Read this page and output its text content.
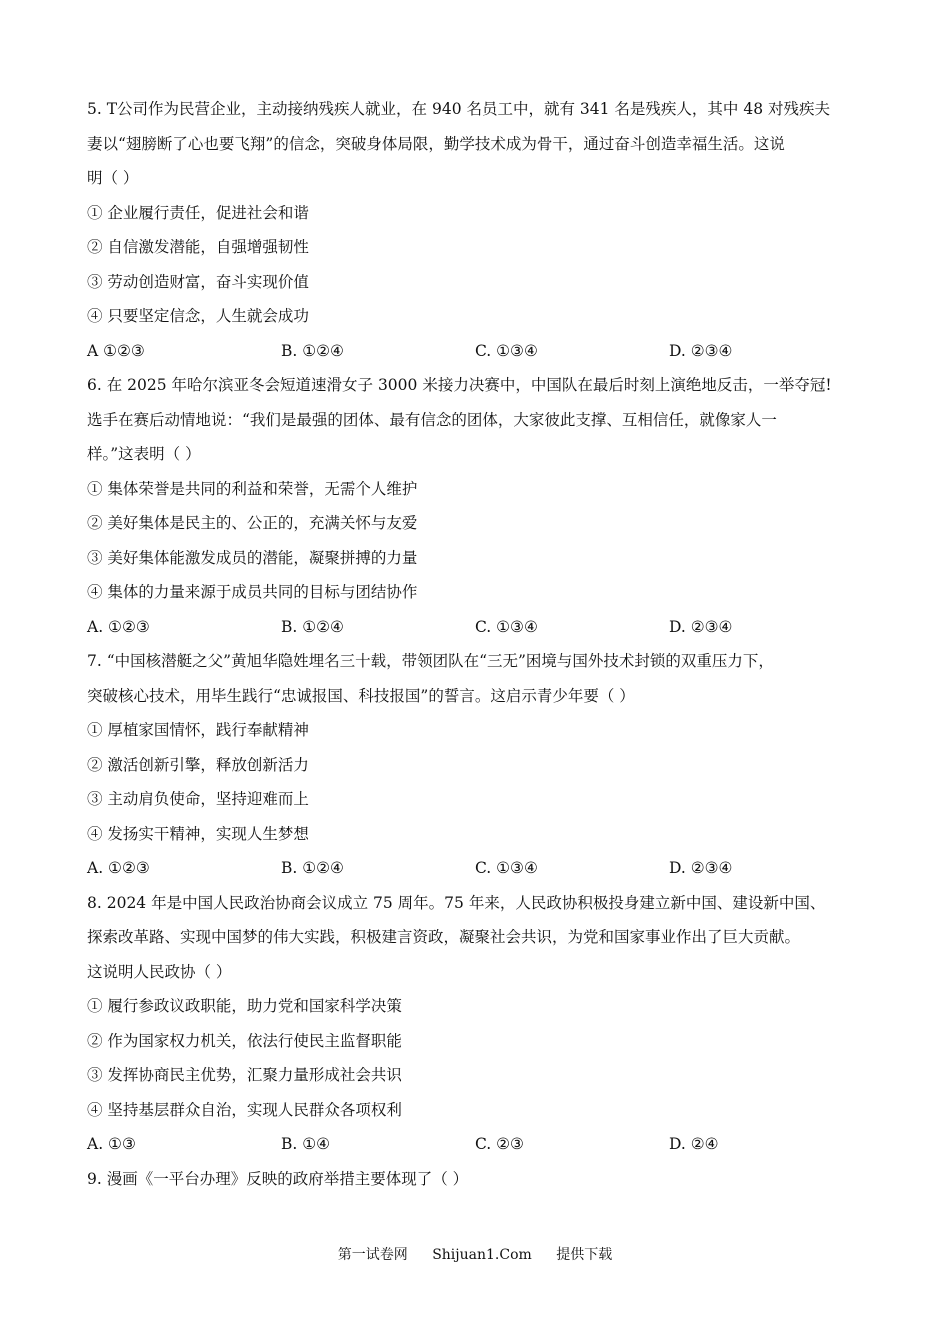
5. T公司作为民营企业，主动接纳残疾人就业，在 940 名员工中，就有 341 名是残疾人，其中 48 对残疾夫
妻以“翅膀断了心也要飞翔”的信念，突破身体局限，勤学技术成为骨干，通过奋斗创造幸福生活。这说
明（ ）
① 企业履行责任，促进社会和谐
② 自信激发潜能，自强增强韧性
③ 劳动创造财富，奋斗实现价值
④ 只要坚定信念，人生就会成功
A ①②③	B. ①②④	C. ①③④	D. ②③④
6. 在 2025 年哈尔滨亚冬会短道速滑女子 3000 米接力决赛中，中国队在最后时刻上演绝地反击，一举夺冠!
选手在赛后动情地说：“我们是最强的团体、最有信念的团体，大家彼此支撑、互相信任，就像家人一
样。”这表明（ ）
① 集体荣誉是共同的利益和荣誉，无需个人维护
② 美好集体是民主的、公正的，充满关怀与友爱
③ 美好集体能激发成员的潜能，凝聚拼搏的力量
④ 集体的力量来源于成员共同的目标与团结协作
A. ①②③	B. ①②④	C. ①③④	D. ②③④
7. “中国核潜艇之父”黄旭华隐姓埋名三十载，带领团队在“三无”困境与国外技术封锁的双重压力下，
突破核心技术，用毕生践行“忠诚报国、科技报国”的誓言。这启示青少年要（ ）
① 厚植家国情怀，践行奉献精神
② 激活创新引擎，释放创新活力
③ 主动肩负使命，坚持迎难而上
④ 发扬实干精神，实现人生梦想
A. ①②③	B. ①②④	C. ①③④	D. ②③④
8. 2024 年是中国人民政治协商会议成立 75 周年。75 年来，人民政协积极投身建立新中国、建设新中国、
探索改革路、实现中国梦的伟大实践，积极建言资政，凝聚社会共识，为党和国家事业作出了巨大贡献。
这说明人民政协（ ）
① 履行参政议政职能，助力党和国家科学决策
② 作为国家权力机关，依法行使民主监督职能
③ 发挥协商民主优势，汇聚力量形成社会共识
④ 坚持基层群众自治，实现人民群众各项权利
A. ①③	B. ①④	C. ②③	D. ②④
9. 漫画《一平台办理》反映的政府举措主要体现了（ ）
第一试卷网 Shijuan1.Com 提供下载
